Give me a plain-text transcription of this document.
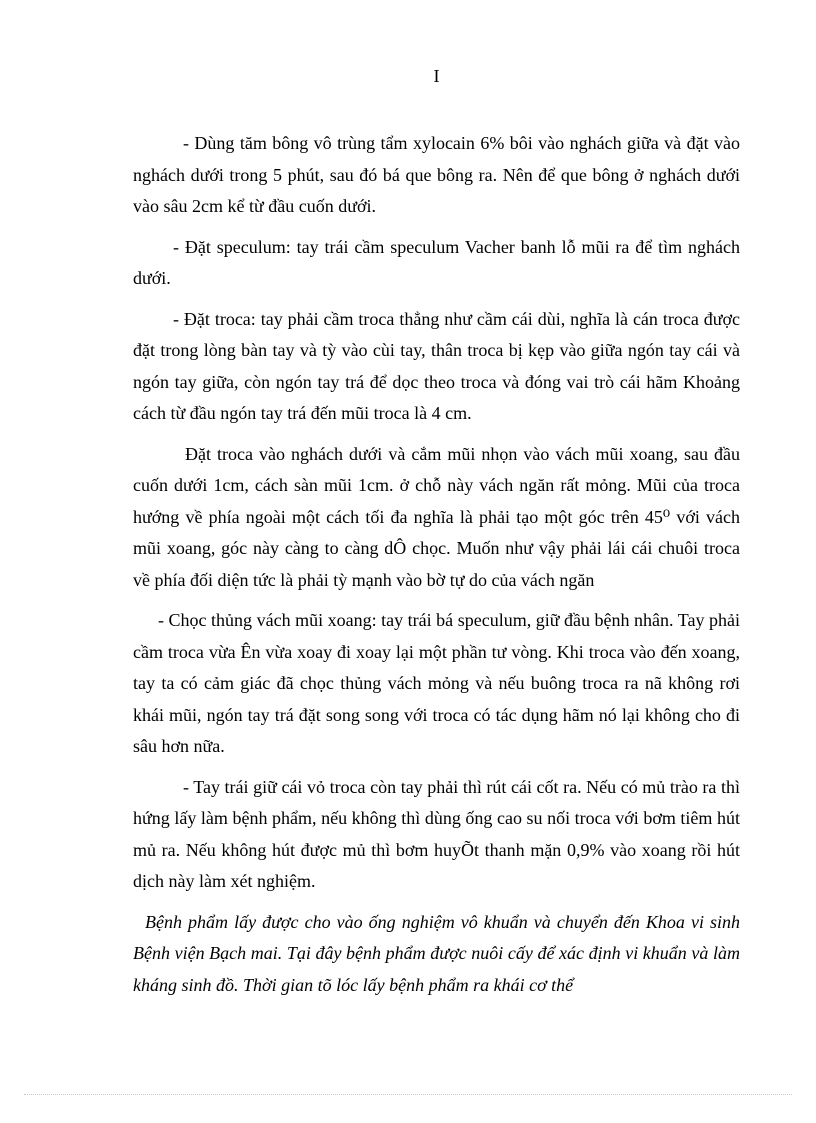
I

- Dùng tăm bông vô trùng tẩm xylocain 6% bôi vào nghách giữa và đặt vào nghách dưới trong 5 phút, sau đó bá que bông ra. Nên để que bông ở nghách dưới vào sâu 2cm kể từ đầu cuốn dưới.

- Đặt speculum: tay trái cầm speculum Vacher banh lỗ mũi ra để tìm nghách dưới.

- Đặt troca: tay phải cầm troca thẳng như cầm cái dùi, nghĩa là cán troca được đặt trong lòng bàn tay và tỳ vào cùi tay, thân troca bị kẹp vào giữa ngón tay cái và ngón tay giữa, còn ngón tay trá để dọc theo troca và đóng vai trò cái hãm Khoảng cách từ đầu ngón tay trá đến mũi troca là 4 cm.

Đặt troca vào nghách dưới và cắm mũi nhọn vào vách mũi xoang, sau đầu cuốn dưới 1cm, cách sàn mũi 1cm. ở chỗ này vách ngăn rất mỏng. Mũi của troca hướng về phía ngoài một cách tối đa nghĩa là phải tạo một góc trên 45⁰ với vách mũi xoang, góc này càng to càng dÔ chọc. Muốn như vậy phải lái cái chuôi troca về phía đối diện tức là phải tỳ mạnh vào bờ tự do của vách ngăn

- Chọc thủng vách mũi xoang: tay trái bá speculum, giữ đầu bệnh nhân. Tay phải cầm troca vừa Ên vừa xoay đi xoay lại một phần tư vòng. Khi troca vào đến xoang, tay ta có cảm giác đã chọc thủng vách mỏng và nếu buông troca ra nã không rơi khái mũi, ngón tay trá đặt song song với troca có tác dụng hãm nó lại không cho đi sâu hơn nữa.

- Tay trái giữ cái vỏ troca còn tay phải thì rút cái cốt ra. Nếu có mủ trào ra thì hứng lấy làm bệnh phẩm, nếu không thì dùng ống cao su nối troca với bơm tiêm hút mủ ra. Nếu không hút được mủ thì bơm huyÕt thanh mặn 0,9% vào xoang rồi hút dịch này làm xét nghiệm.

Bệnh phẩm lấy được cho vào ống nghiệm vô khuẩn và chuyển đến Khoa vi sinh Bệnh viện Bạch mai. Tại đây bệnh phẩm được nuôi cấy để xác định vi khuẩn và làm kháng sinh đồ. Thời gian tõ lóc lấy bệnh phẩm ra khái cơ thể
